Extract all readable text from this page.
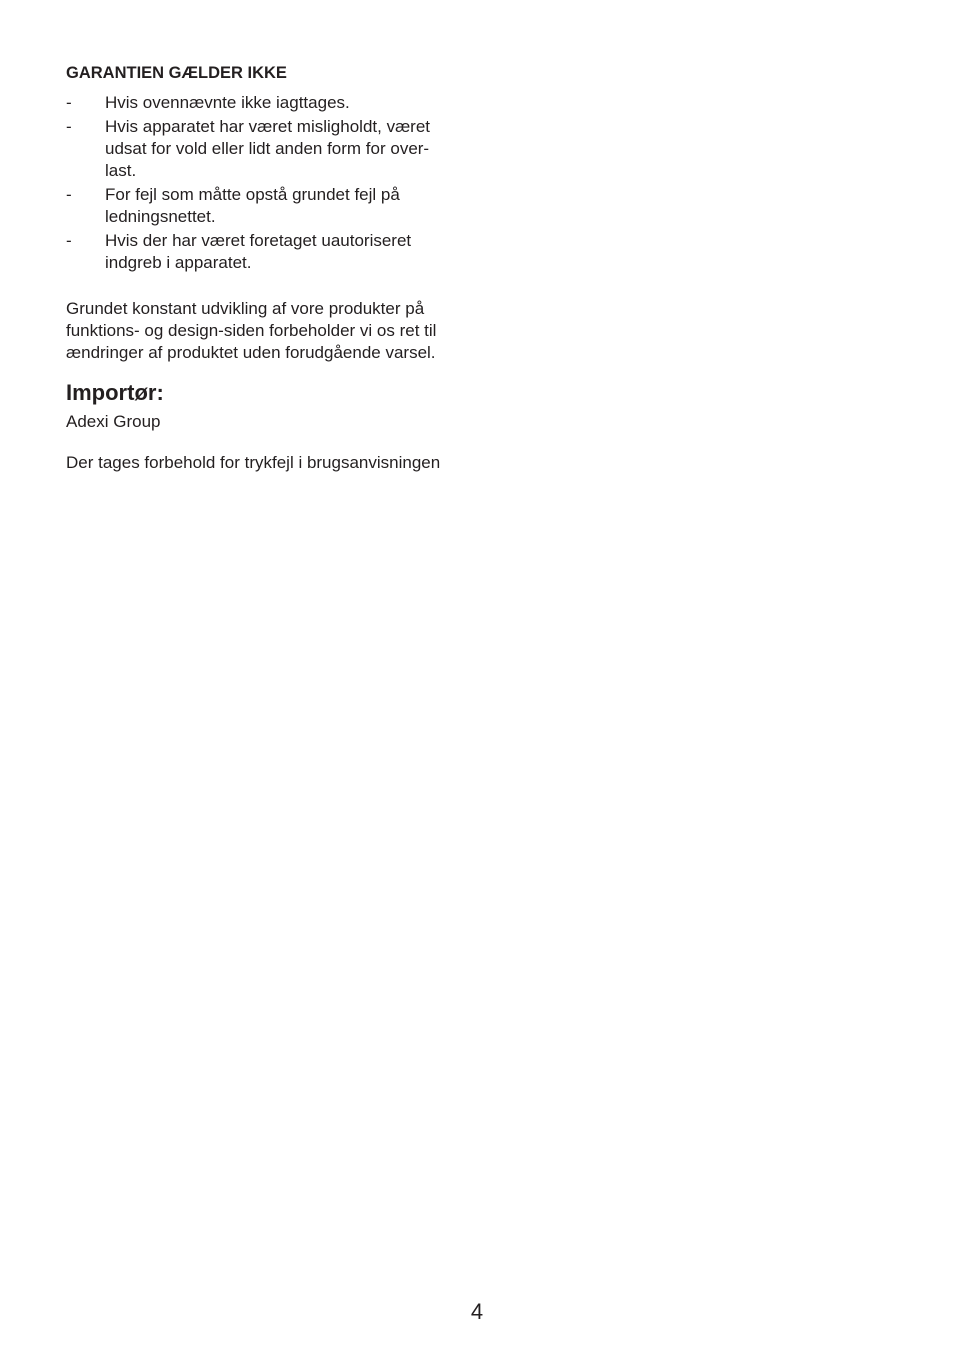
GARANTIEN GÆLDER IKKE
-	Hvis ovennævnte ikke iagttages.
-	Hvis apparatet har været misligholdt, været
udsat for vold eller lidt anden form for over-
last.
-	For fejl som måtte opstå grundet fejl på
ledningsnettet.
-	Hvis der har været foretaget uautoriseret
indgreb i apparatet.

Grundet konstant udvikling af vore produkter på
funktions- og design-siden forbeholder vi os ret til
ændringer af produktet uden forudgående varsel.

Importør:

Adexi Group

Der tages forbehold for trykfejl i brugsanvisningen

4
